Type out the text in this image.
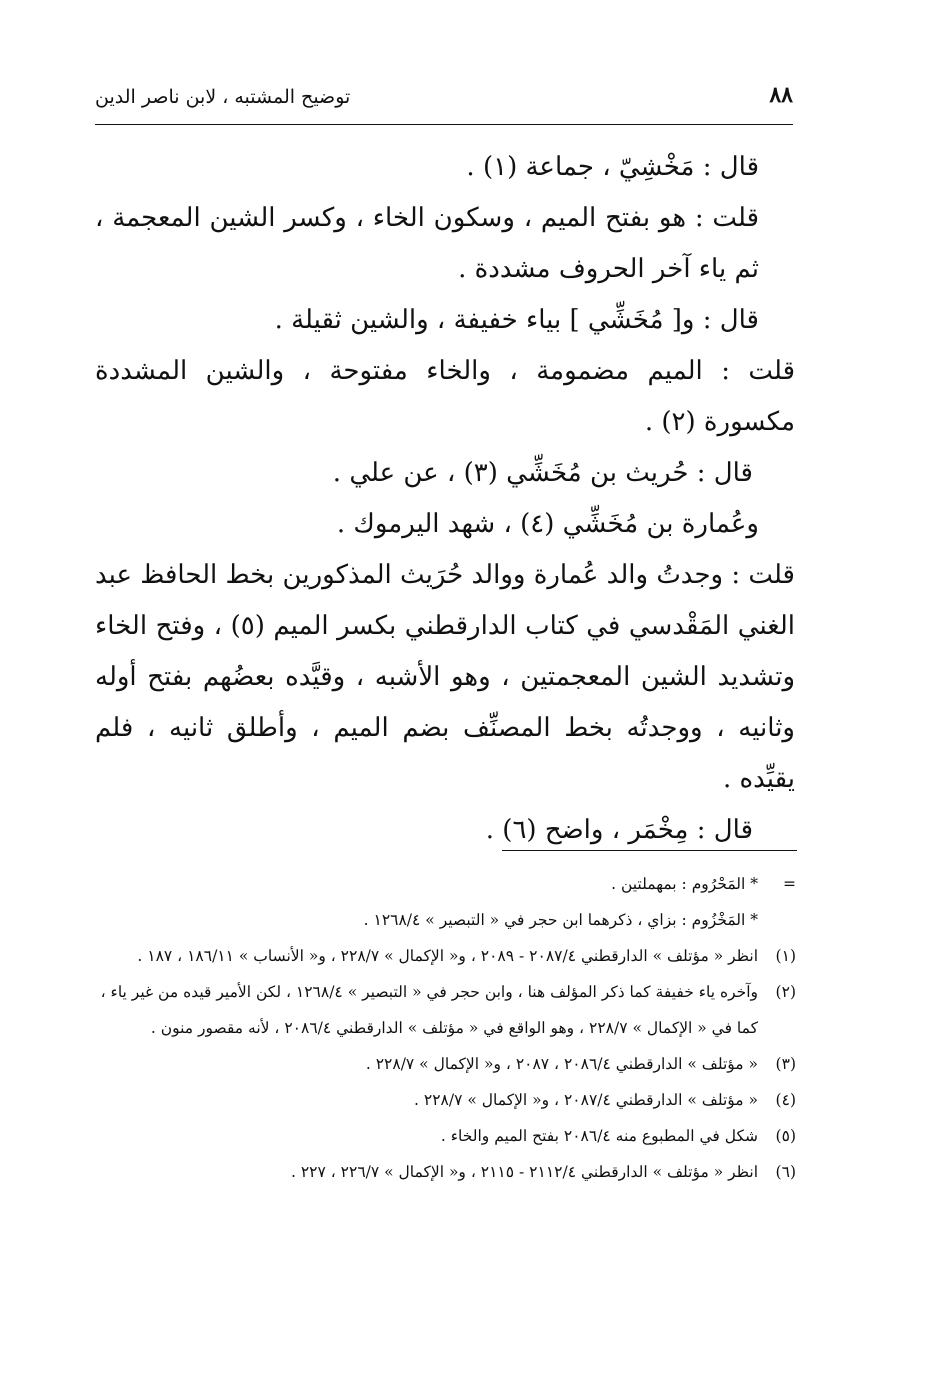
٨٨
توضيح المشتبه ، لابن ناصر الدين

قال : مَخْشِيّ ، جماعة (١) .

قلت : هو بفتح الميم ، وسكون الخاء ، وكسر الشين المعجمة ، ثم ياء آخر الحروف مشددة .

قال : و[ مُخَشِّي ] بياء خفيفة ، والشين ثقيلة .

قلت : الميم مضمومة ، والخاء مفتوحة ، والشين المشددة مكسورة (٢) .

قال : حُريث بن مُخَشِّي (٣) ، عن علي .

وعُمارة بن مُخَشِّي (٤) ، شهد اليرموك .

قلت : وجدتُ والد عُمارة ووالد حُرَيث المذكورين بخط الحافظ عبد الغني المَقْدسي في كتاب الدارقطني بكسر الميم (٥) ، وفتح الخاء وتشديد الشين المعجمتين ، وهو الأشبه ، وقيَّده بعضُهم بفتح أوله وثانيه ، ووجدتُه بخط المصنِّف بضم الميم ، وأطلق ثانيه ، فلم يقيِّده .

قال : مِخْمَر ، واضح (٦) .

=
* المَحْرُوم : بمهملتين .

* المَخْزُوم : بزاي ، ذكرهما ابن حجر في « التبصير » ١٢٦٨/٤ .

(١)
انظر « مؤتلف » الدارقطني ٢٠٨٧/٤ - ٢٠٨٩ ، و« الإكمال » ٢٢٨/٧ ، و« الأنساب » ١٨٦/١١ ، ١٨٧ .

(٢)
وآخره ياء خفيفة كما ذكر المؤلف هنا ، وابن حجر في « التبصير » ١٢٦٨/٤ ، لكن الأمير قيده من غير ياء ، كما في « الإكمال » ٢٢٨/٧ ، وهو الواقع في « مؤتلف » الدارقطني ٢٠٨٦/٤ ، لأنه مقصور منون .

(٣)
« مؤتلف » الدارقطني ٢٠٨٦/٤ ، ٢٠٨٧ ، و« الإكمال » ٢٢٨/٧ .

(٤)
« مؤتلف » الدارقطني ٢٠٨٧/٤ ، و« الإكمال » ٢٢٨/٧ .

(٥)
شكل في المطبوع منه ٢٠٨٦/٤ بفتح الميم والخاء .

(٦)
انظر « مؤتلف » الدارقطني ٢١١٢/٤ - ٢١١٥ ، و« الإكمال » ٢٢٦/٧ ، ٢٢٧ .
